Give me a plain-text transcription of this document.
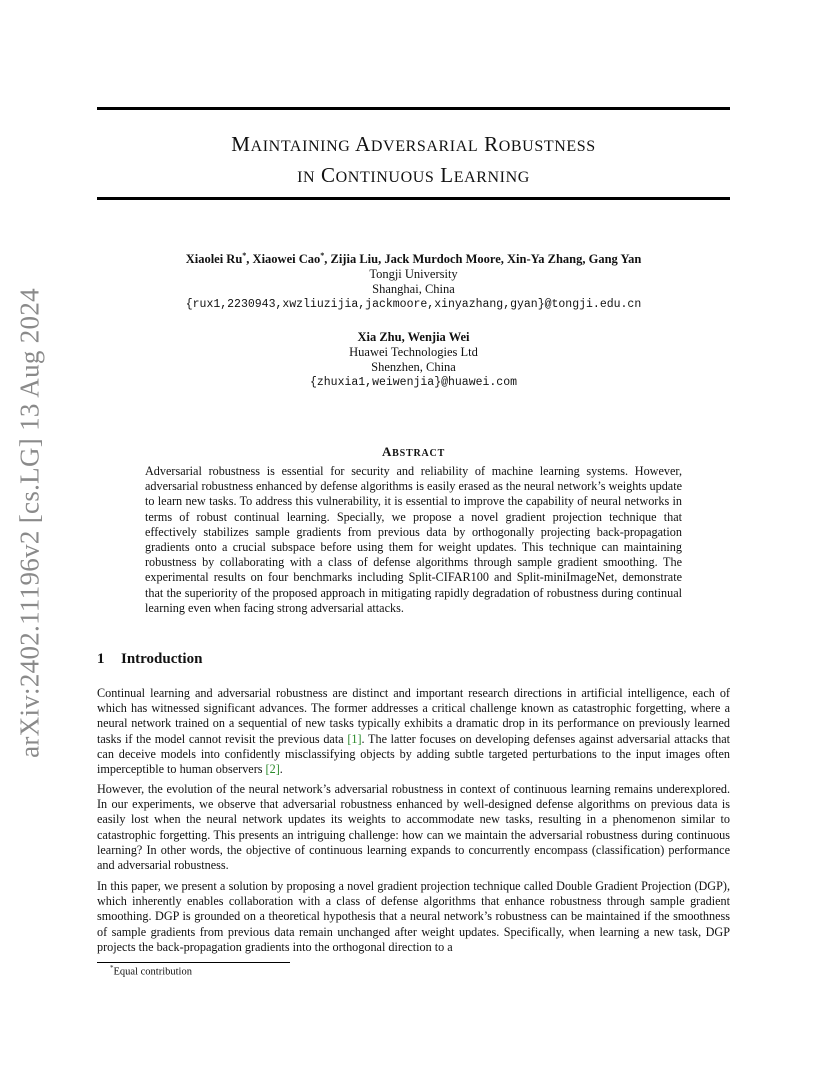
MAINTAINING ADVERSARIAL ROBUSTNESS
IN CONTINUOUS LEARNING
arXiv:2402.11196v2 [cs.LG] 13 Aug 2024
Xiaolei Ru*, Xiaowei Cao*, Zijia Liu, Jack Murdoch Moore, Xin-Ya Zhang, Gang Yan
Tongji University
Shanghai, China
{rux1,2230943,xwzliuzijia,jackmoore,xinyazhang,gyan}@tongji.edu.cn
Xia Zhu, Wenjia Wei
Huawei Technologies Ltd
Shenzhen, China
{zhuxia1,weiwenjia}@huawei.com
ABSTRACT
Adversarial robustness is essential for security and reliability of machine learning systems. However, adversarial robustness enhanced by defense algorithms is easily erased as the neural network’s weights update to learn new tasks. To address this vulnerability, it is essential to improve the capability of neural networks in terms of robust continual learning. Specially, we propose a novel gradient projection technique that effectively stabilizes sample gradients from previous data by orthogonally projecting back-propagation gradients onto a crucial subspace before using them for weight updates. This technique can maintaining robustness by collaborating with a class of defense algorithms through sample gradient smoothing. The experimental results on four benchmarks including Split-CIFAR100 and Split-miniImageNet, demonstrate that the superiority of the proposed approach in mitigating rapidly degradation of robustness during continual learning even when facing strong adversarial attacks.
1 Introduction

Continual learning and adversarial robustness are distinct and important research directions in artificial intelligence, each of which has witnessed significant advances. The former addresses a critical challenge known as catastrophic forgetting, where a neural network trained on a sequential of new tasks typically exhibits a dramatic drop in its performance on previously learned tasks if the model cannot revisit the previous data [1]. The latter focuses on developing defenses against adversarial attacks that can deceive models into confidently misclassifying objects by adding subtle targeted perturbations to the input images often imperceptible to human observers [2].

However, the evolution of the neural network’s adversarial robustness in context of continuous learning remains underexplored. In our experiments, we observe that adversarial robustness enhanced by well-designed defense algorithms on previous data is easily lost when the neural network updates its weights to accommodate new tasks, resulting in a phenomenon similar to catastrophic forgetting. This presents an intriguing challenge: how can we maintain the adversarial robustness during continuous learning? In other words, the objective of continuous learning expands to concurrently encompass (classification) performance and adversarial robustness.

In this paper, we present a solution by proposing a novel gradient projection technique called Double Gradient Projection (DGP), which inherently enables collaboration with a class of defense algorithms that enhance robustness through sample gradient smoothing. DGP is grounded on a theoretical hypothesis that a neural network’s robustness can be maintained if the smoothness of sample gradients from previous data remain unchanged after weight updates. Specifically, when learning a new task, DGP projects the back-propagation gradients into the orthogonal direction to a

*Equal contribution
